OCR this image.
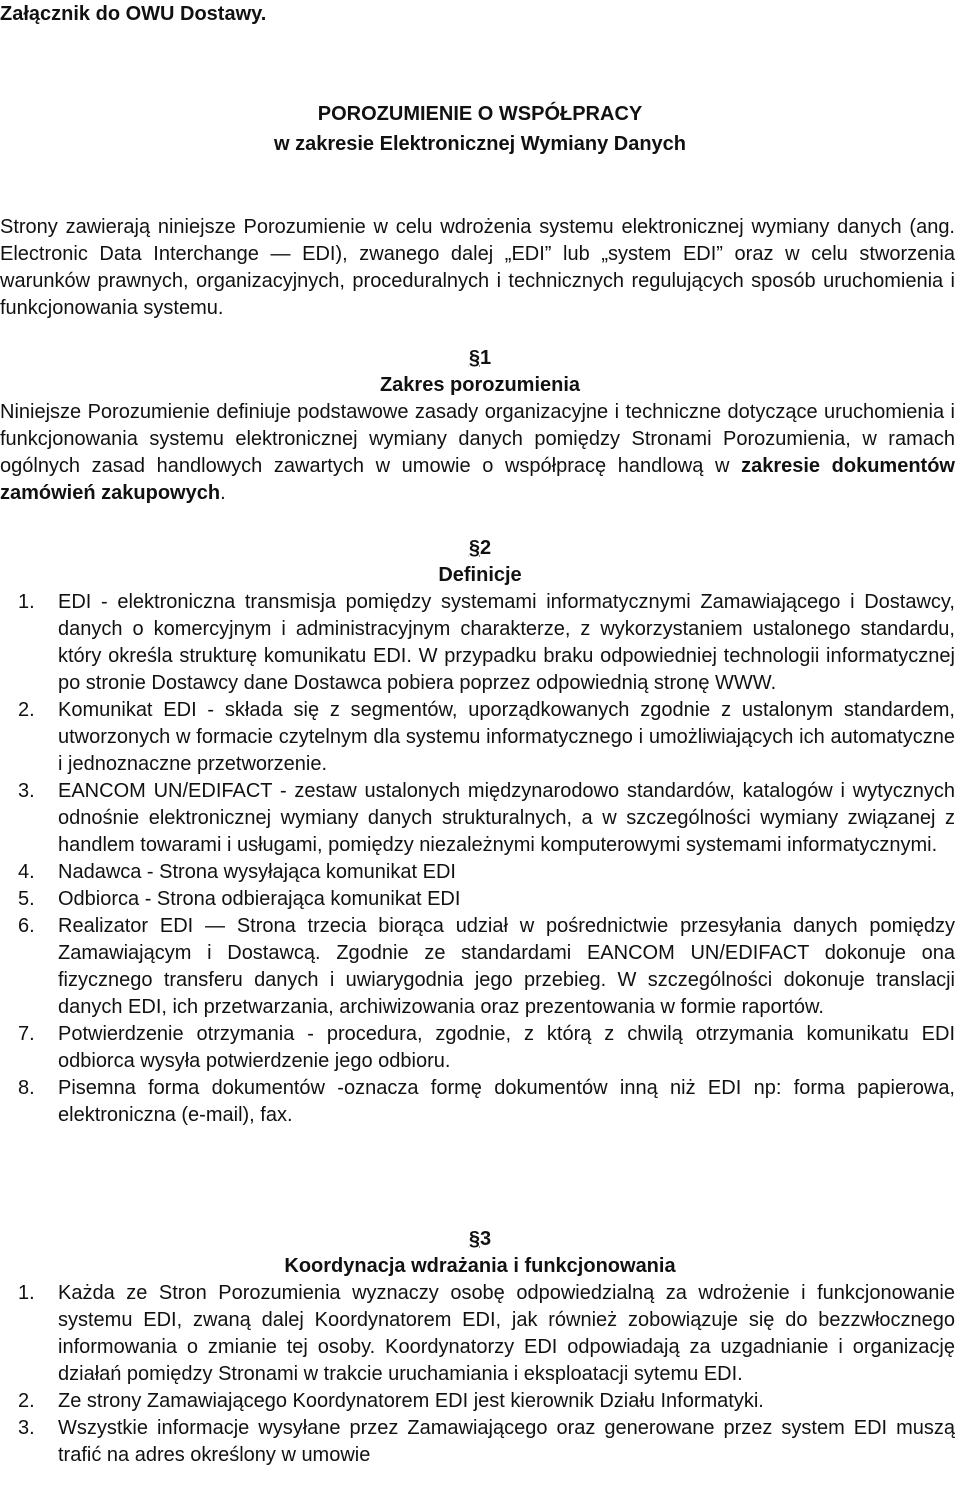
Załącznik do OWU Dostawy.
POROZUMIENIE O WSPÓŁPRACY
w zakresie Elektronicznej Wymiany Danych

Strony zawierają niniejsze Porozumienie w celu wdrożenia systemu elektronicznej wymiany danych (ang. Electronic Data Interchange — EDI), zwanego dalej „EDI” lub „system EDI” oraz w celu stworzenia warunków prawnych, organizacyjnych, proceduralnych i technicznych regulujących sposób uruchomienia i funkcjonowania systemu.

§1
Zakres porozumienia

Niniejsze Porozumienie definiuje podstawowe zasady organizacyjne i techniczne dotyczące uruchomienia i funkcjonowania systemu elektronicznej wymiany danych pomiędzy Stronami Porozumienia, w ramach ogólnych zasad handlowych zawartych w umowie o współpracę handlową w zakresie dokumentów zamówień zakupowych.

§2
Definicje
1. EDI - elektroniczna transmisja pomiędzy systemami informatycznymi Zamawiającego i Dostawcy, danych o komercyjnym i administracyjnym charakterze, z wykorzystaniem ustalonego standardu, który określa strukturę komunikatu EDI. W przypadku braku odpowiedniej technologii informatycznej po stronie Dostawcy dane Dostawca pobiera poprzez odpowiednią stronę WWW.
2. Komunikat EDI - składa się z segmentów, uporządkowanych zgodnie z ustalonym standardem, utworzonych w formacie czytelnym dla systemu informatycznego i umożliwiających ich automatyczne i jednoznaczne przetworzenie.
3. EANCOM UN/EDIFACT - zestaw ustalonych międzynarodowo standardów, katalogów i wytycznych odnośnie elektronicznej wymiany danych strukturalnych, a w szczególności wymiany związanej z handlem towarami i usługami, pomiędzy niezależnymi komputerowymi systemami informatycznymi.
4. Nadawca - Strona wysyłająca komunikat EDI
5. Odbiorca - Strona odbierająca komunikat EDI
6. Realizator EDI — Strona trzecia biorąca udział w pośrednictwie przesyłania danych pomiędzy Zamawiającym i Dostawcą. Zgodnie ze standardami EANCOM UN/EDIFACT dokonuje ona fizycznego transferu danych i uwiarygodnia jego przebieg. W szczególności dokonuje translacji danych EDI, ich przetwarzania, archiwizowania oraz prezentowania w formie raportów.
7. Potwierdzenie otrzymania - procedura, zgodnie, z którą z chwilą otrzymania komunikatu EDI odbiorca wysyła potwierdzenie jego odbioru.
8. Pisemna forma dokumentów -oznacza formę dokumentów inną niż EDI np: forma papierowa, elektroniczna (e-mail), fax.
§3
Koordynacja wdrażania i funkcjonowania
1. Każda ze Stron Porozumienia wyznaczy osobę odpowiedzialną za wdrożenie i funkcjonowanie systemu EDI, zwaną dalej Koordynatorem EDI, jak również zobowiązuje się do bezzwłocznego informowania o zmianie tej osoby. Koordynatorzy EDI odpowiadają za uzgadnianie i organizację działań pomiędzy Stronami w trakcie uruchamiania i eksploatacji sytemu EDI.
2. Ze strony Zamawiającego Koordynatorem EDI jest kierownik Działu Informatyki.
3. Wszystkie informacje wysyłane przez Zamawiającego oraz generowane przez system EDI muszą trafić na adres określony w umowie
